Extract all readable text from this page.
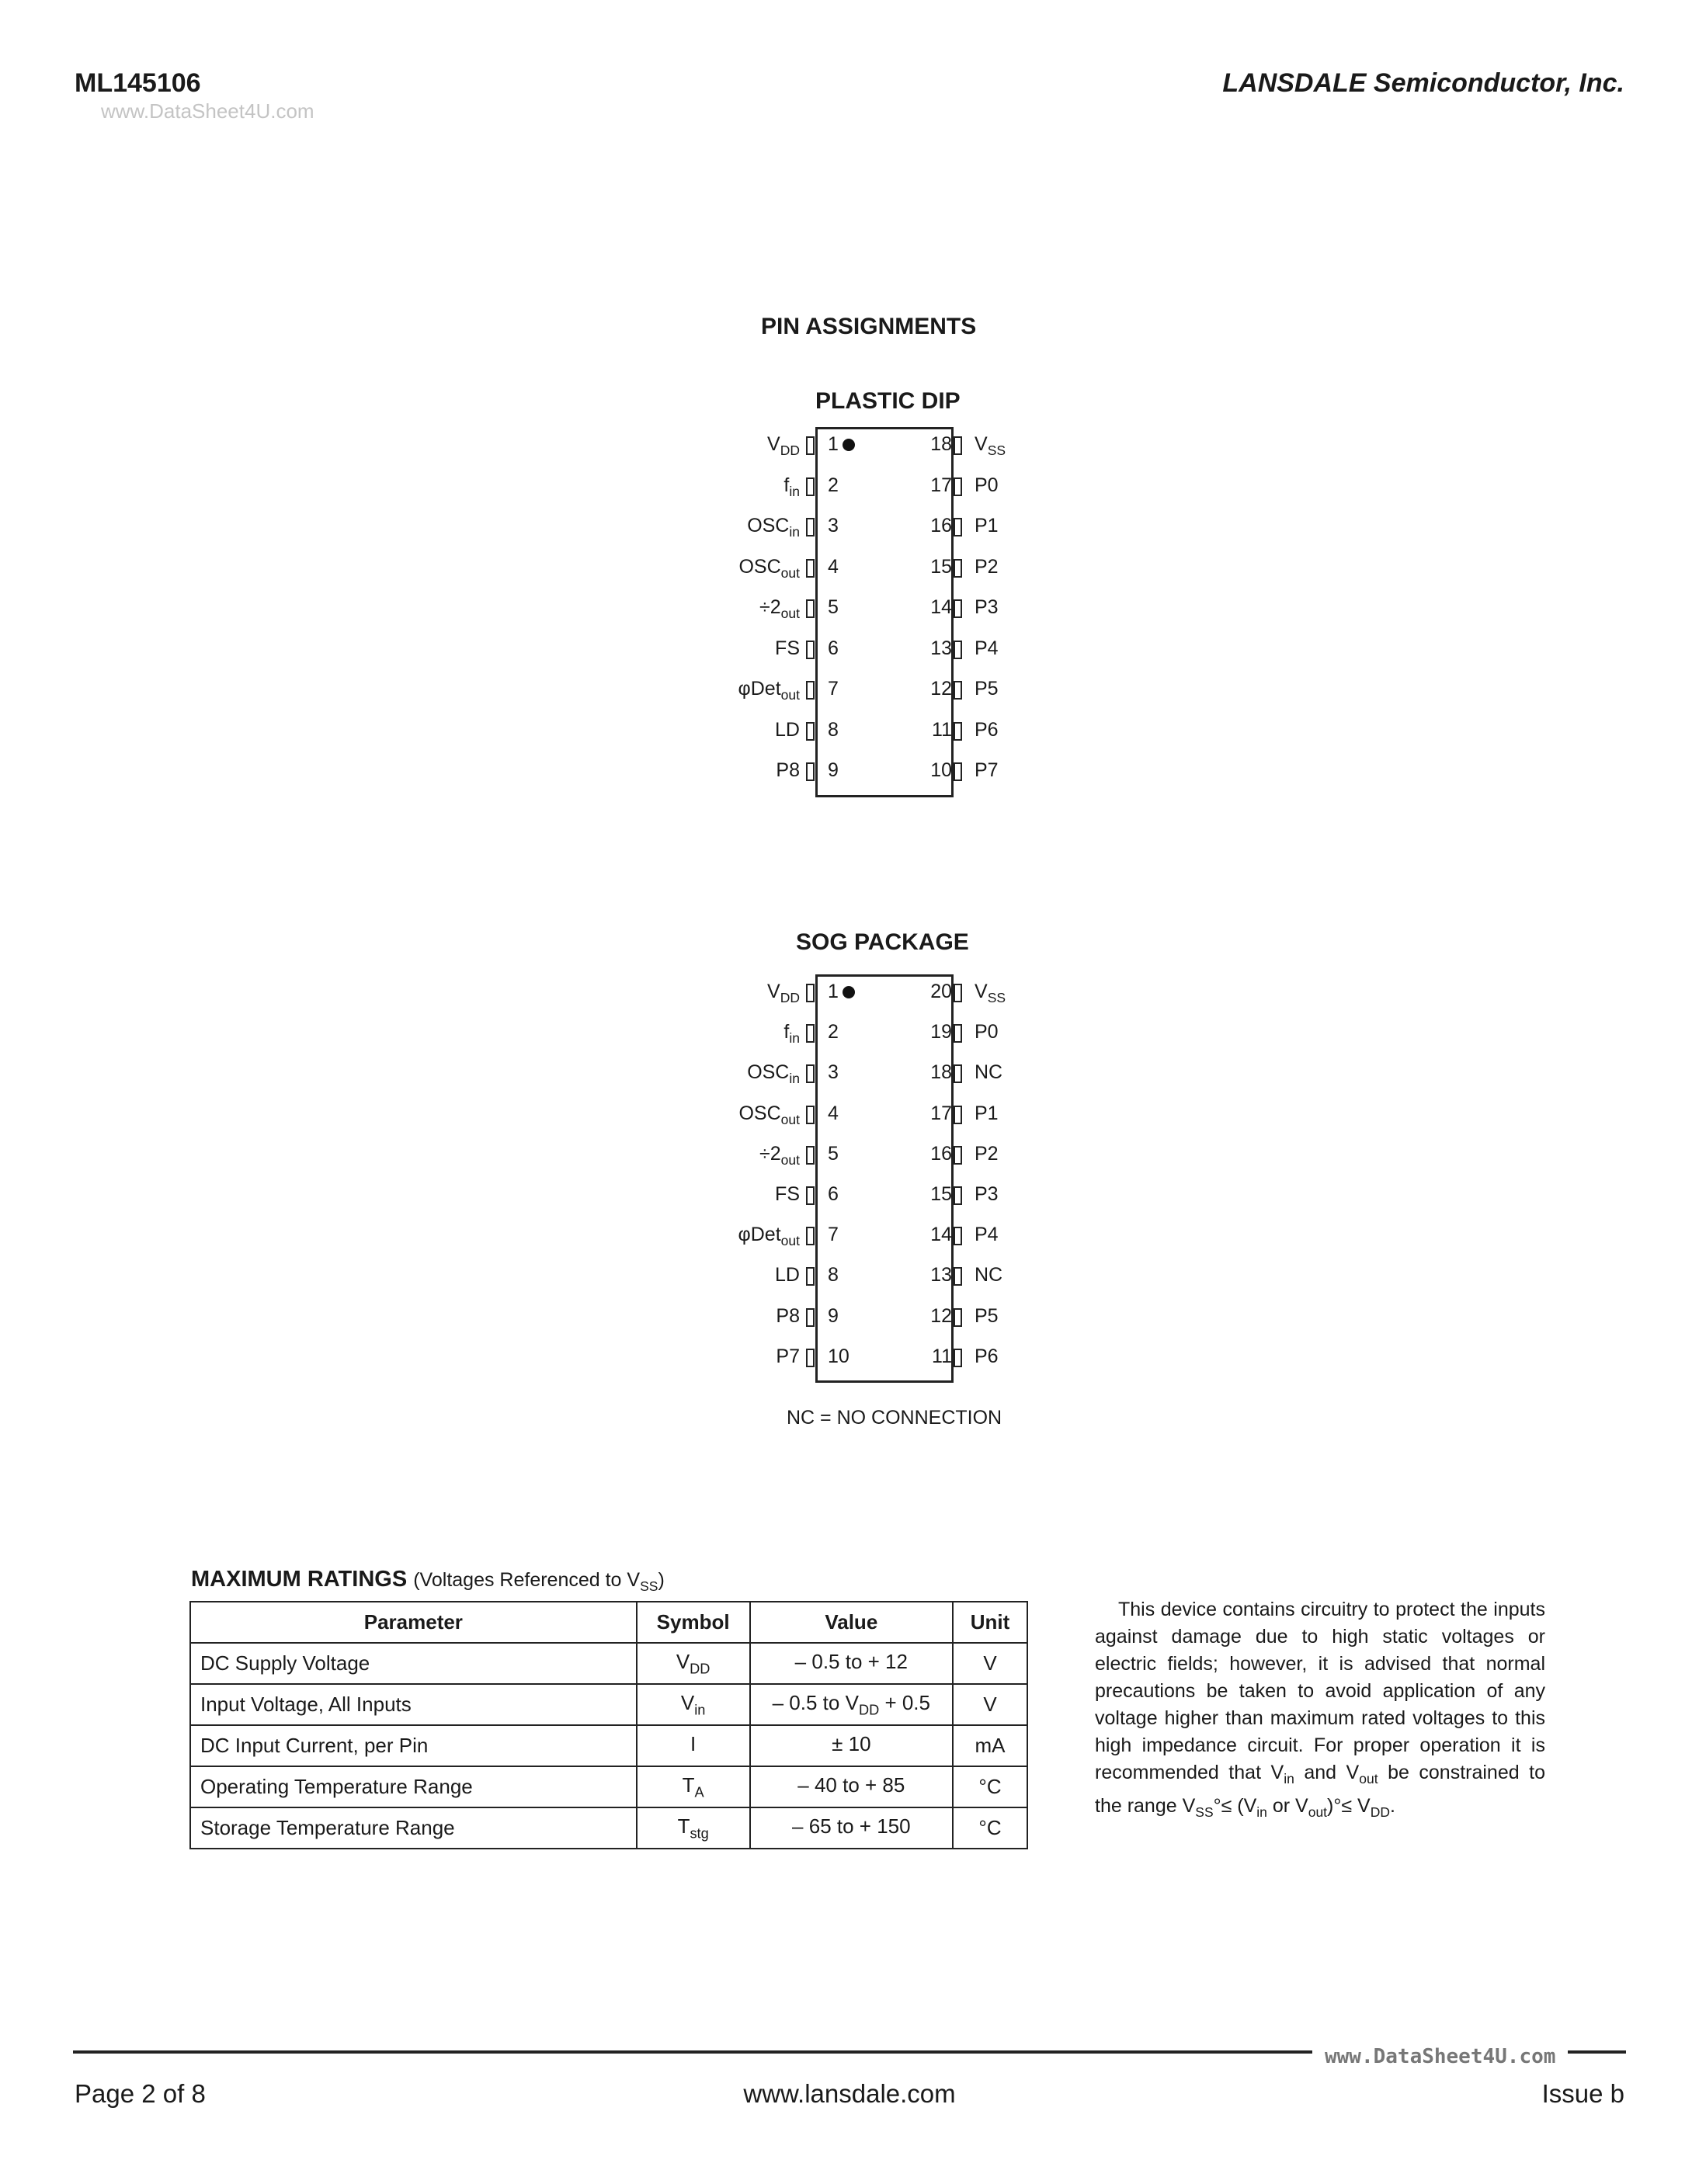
ML145106
www.DataSheet4U.com
LANSDALE Semiconductor, Inc.
PIN ASSIGNMENTS
PLASTIC DIP
$V_{DD}$ 1	18 $V_{SS}$
$f_{in}$ 2	17 P0
$OSC_{in}$ 3	16 P1
$OSC_{out}$ 4	15 P2
$\div 2_{out}$ 5	14 P3
FS 6	13 P4
φDet$_{out}$ 7	12 P5
LD 8	11 P6
P8 9	10 P7
SOG PACKAGE
$V_{DD}$ 1	20 $V_{SS}$
$f_{in}$ 2	19 P0
$OSC_{in}$ 3	18 NC
$OSC_{out}$ 4	17 P1
$\div 2_{out}$ 5	16 P2
FS 6	15 P3
φDet$_{out}$ 7	14 P4
LD 8	13 NC
P8 9	12 P5
P7 10	11 P6
NC = NO CONNECTION
MAXIMUM RATINGS (Voltages Referenced to $V_{SS}$)
Parameter	Symbol	Value	Unit
DC Supply Voltage	$V_{DD}$	– 0.5 to + 12	V
Input Voltage, All Inputs	$V_{in}$	– 0.5 to $V_{DD} + 0.5$	V
DC Input Current, per Pin	I	± 10	mA
Operating Temperature Range	$T_A$	– 40 to + 85	°C
Storage Temperature Range	$T_{stg}$	– 65 to + 150	°C

This device contains circuitry to protect the inputs against damage due to high static voltages or electric fields; however, it is advised that normal precautions be taken to avoid application of any voltage higher than maximum rated voltages to this high impedance circuit. For proper operation it is recommended that $V_{in}$ and $V_{out}$ be constrained to the range $V_{SS}^\circ\le (V_{in}$ or $V_{out})^\circ\le V_{DD}$.

www.DataSheet4U.com
Page 2 of 8	www.lansdale.com	Issue b
